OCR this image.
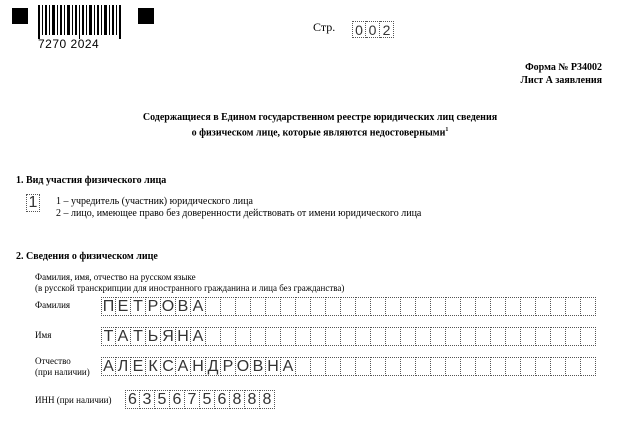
7270 2024
Стр. 0 0 2
Форма № Р34002
Лист А заявления
Содержащиеся в Едином государственном реестре юридических лиц сведения
о физическом лице, которые являются недостоверными$^1$
1. Вид участия физического лица
1 1 – учредитель (участник) юридического лица
2 – лицо, имеющее право без доверенности действовать от имени юридического лица
2. Сведения о физическом лице
Фамилия, имя, отчество на русском языке
(в русской транскрипции для иностранного гражданина и лица без гражданства)
Фамилия П Е Т Р О В А
Имя	Т А Т Ь Я Н А
Отчество
(при наличии) А Л Е К С А Н Д Р О В Н А
ИНН (при наличии) 6 3 5 6 7 5 6 8 8 8
